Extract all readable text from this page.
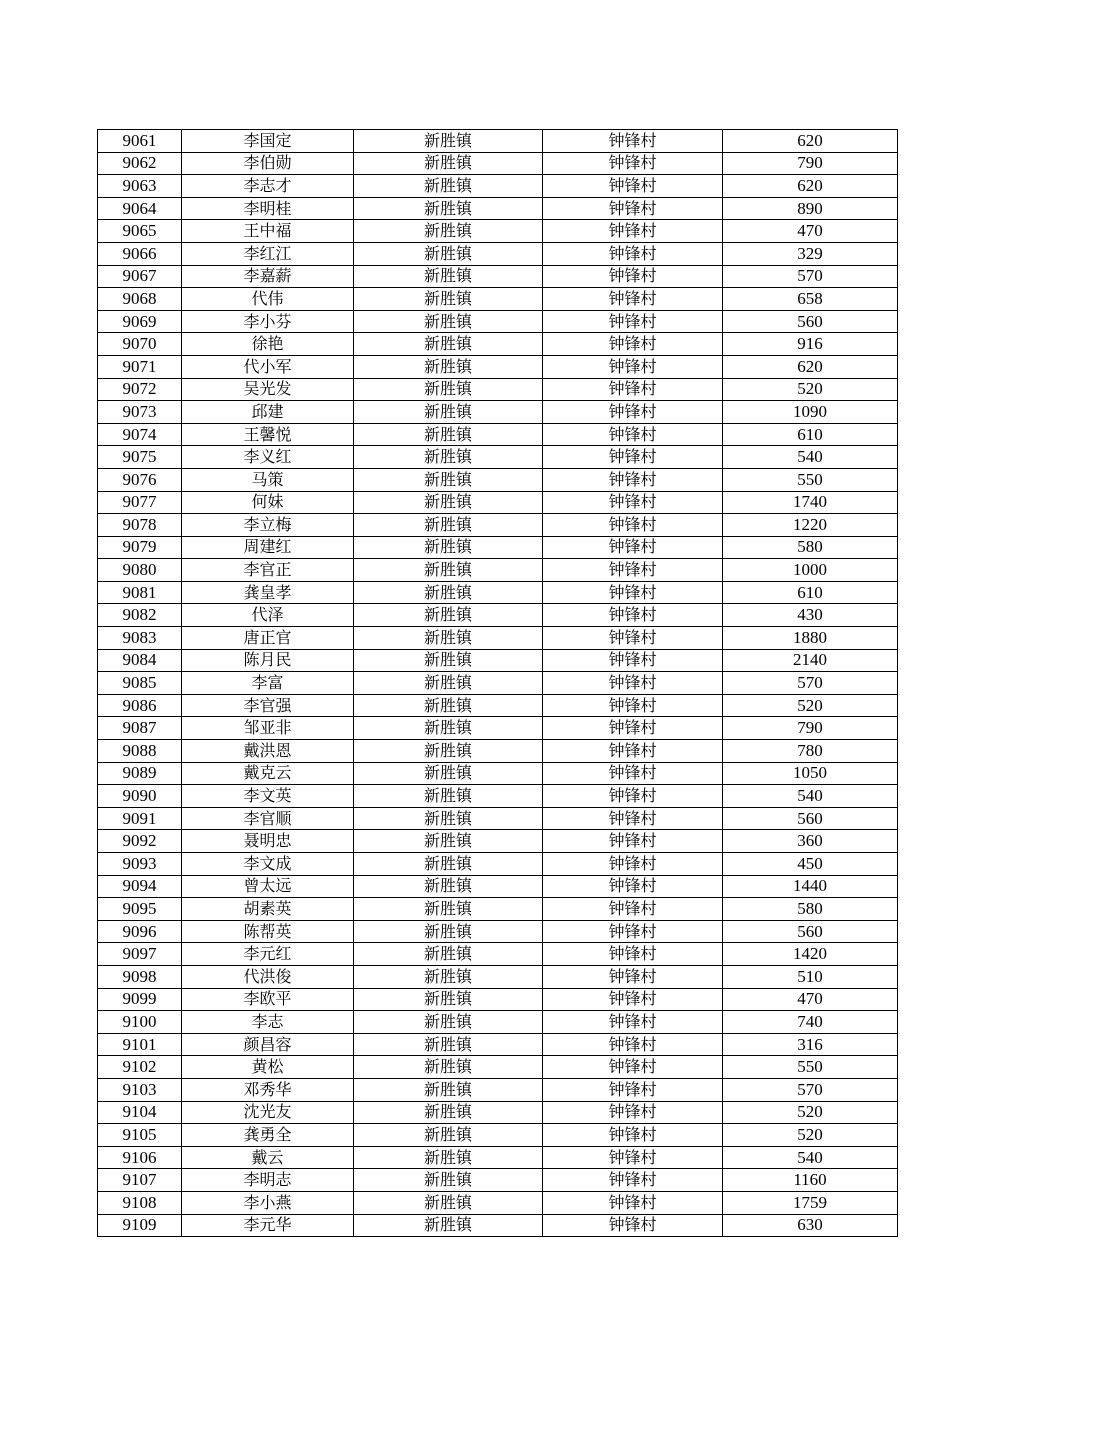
9061	李国定	新胜镇	钟锋村	620
9062	李伯勋	新胜镇	钟锋村	790
9063	李志才	新胜镇	钟锋村	620
9064	李明桂	新胜镇	钟锋村	890
9065	王中福	新胜镇	钟锋村	470
9066	李红江	新胜镇	钟锋村	329
9067	李嘉薪	新胜镇	钟锋村	570
9068	代伟	新胜镇	钟锋村	658
9069	李小芬	新胜镇	钟锋村	560
9070	徐艳	新胜镇	钟锋村	916
9071	代小军	新胜镇	钟锋村	620
9072	吴光发	新胜镇	钟锋村	520
9073	邱建	新胜镇	钟锋村	1090
9074	王馨悦	新胜镇	钟锋村	610
9075	李义红	新胜镇	钟锋村	540
9076	马策	新胜镇	钟锋村	550
9077	何妹	新胜镇	钟锋村	1740
9078	李立梅	新胜镇	钟锋村	1220
9079	周建红	新胜镇	钟锋村	580
9080	李官正	新胜镇	钟锋村	1000
9081	龚皇孝	新胜镇	钟锋村	610
9082	代泽	新胜镇	钟锋村	430
9083	唐正官	新胜镇	钟锋村	1880
9084	陈月民	新胜镇	钟锋村	2140
9085	李富	新胜镇	钟锋村	570
9086	李官强	新胜镇	钟锋村	520
9087	邹亚非	新胜镇	钟锋村	790
9088	戴洪恩	新胜镇	钟锋村	780
9089	戴克云	新胜镇	钟锋村	1050
9090	李文英	新胜镇	钟锋村	540
9091	李官顺	新胜镇	钟锋村	560
9092	聂明忠	新胜镇	钟锋村	360
9093	李文成	新胜镇	钟锋村	450
9094	曾太远	新胜镇	钟锋村	1440
9095	胡素英	新胜镇	钟锋村	580
9096	陈帮英	新胜镇	钟锋村	560
9097	李元红	新胜镇	钟锋村	1420
9098	代洪俊	新胜镇	钟锋村	510
9099	李欧平	新胜镇	钟锋村	470
9100	李志	新胜镇	钟锋村	740
9101	颜昌容	新胜镇	钟锋村	316
9102	黄松	新胜镇	钟锋村	550
9103	邓秀华	新胜镇	钟锋村	570
9104	沈光友	新胜镇	钟锋村	520
9105	龚勇全	新胜镇	钟锋村	520
9106	戴云	新胜镇	钟锋村	540
9107	李明志	新胜镇	钟锋村	1160
9108	李小燕	新胜镇	钟锋村	1759
9109	李元华	新胜镇	钟锋村	630
